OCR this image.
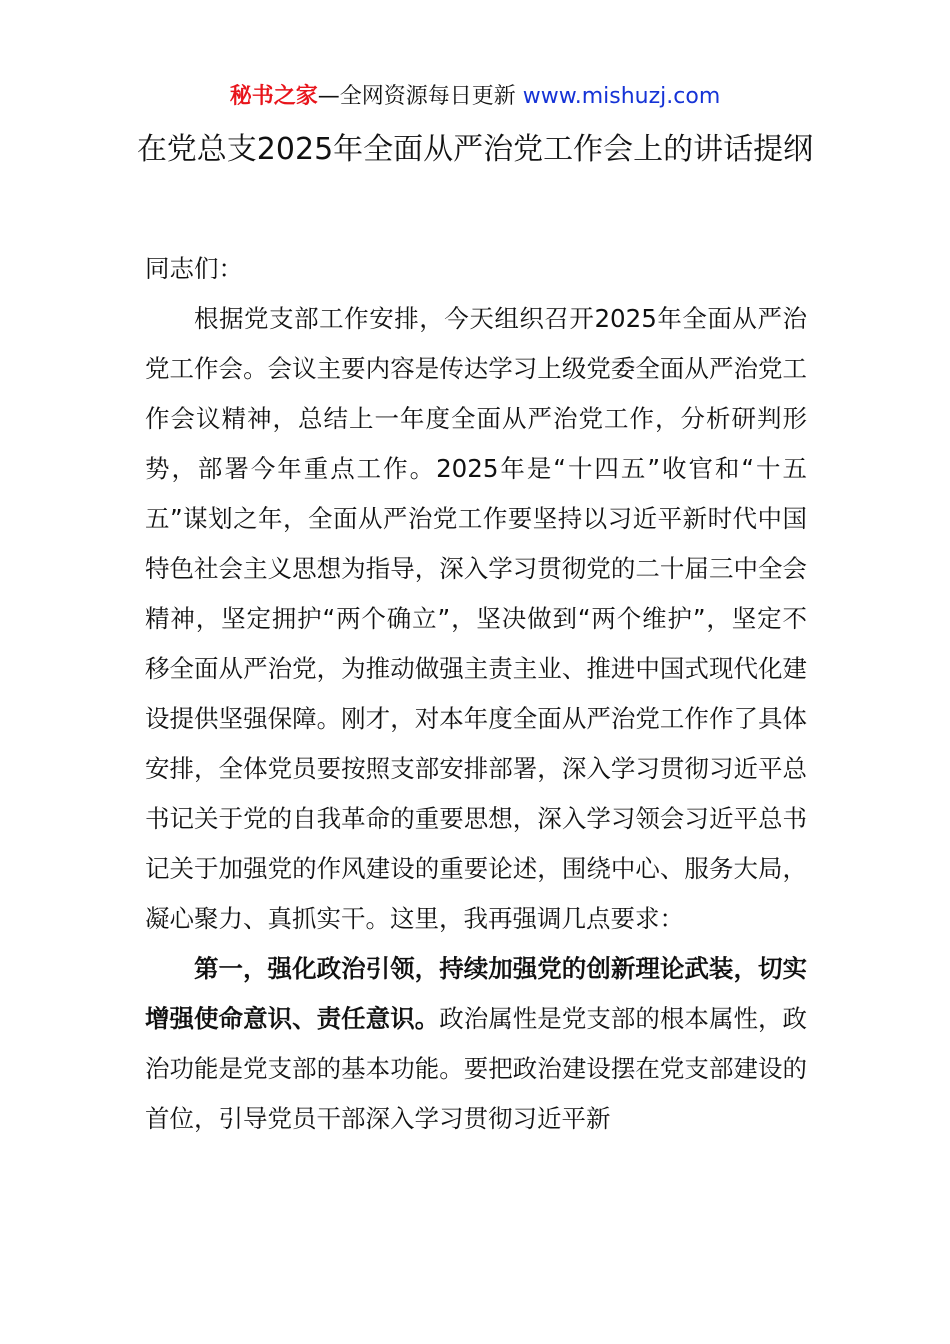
秘书之家—全网资源每日更新 www.mishuzj.com
在党总支2025年全面从严治党工作会上的讲话提纲

同志们：

根据党支部工作安排，今天组织召开2025年全面从严治党工作会。会议主要内容是传达学习上级党委全面从严治党工作会议精神，总结上一年度全面从严治党工作，分析研判形势，部署今年重点工作。2025年是“十四五”收官和“十五五”谋划之年，全面从严治党工作要坚持以习近平新时代中国特色社会主义思想为指导，深入学习贯彻党的二十届三中全会精神，坚定拥护“两个确立”，坚决做到“两个维护”，坚定不移全面从严治党，为推动做强主责主业、推进中国式现代化建设提供坚强保障。刚才，对本年度全面从严治党工作作了具体安排，全体党员要按照支部安排部署，深入学习贯彻习近平总书记关于党的自我革命的重要思想，深入学习领会习近平总书记关于加强党的作风建设的重要论述，围绕中心、服务大局，凝心聚力、真抓实干。这里，我再强调几点要求：

第一，强化政治引领，持续加强党的创新理论武装，切实增强使命意识、责任意识。政治属性是党支部的根本属性，政治功能是党支部的基本功能。要把政治建设摆在党支部建设的首位，引导党员干部深入学习贯彻习近平新
